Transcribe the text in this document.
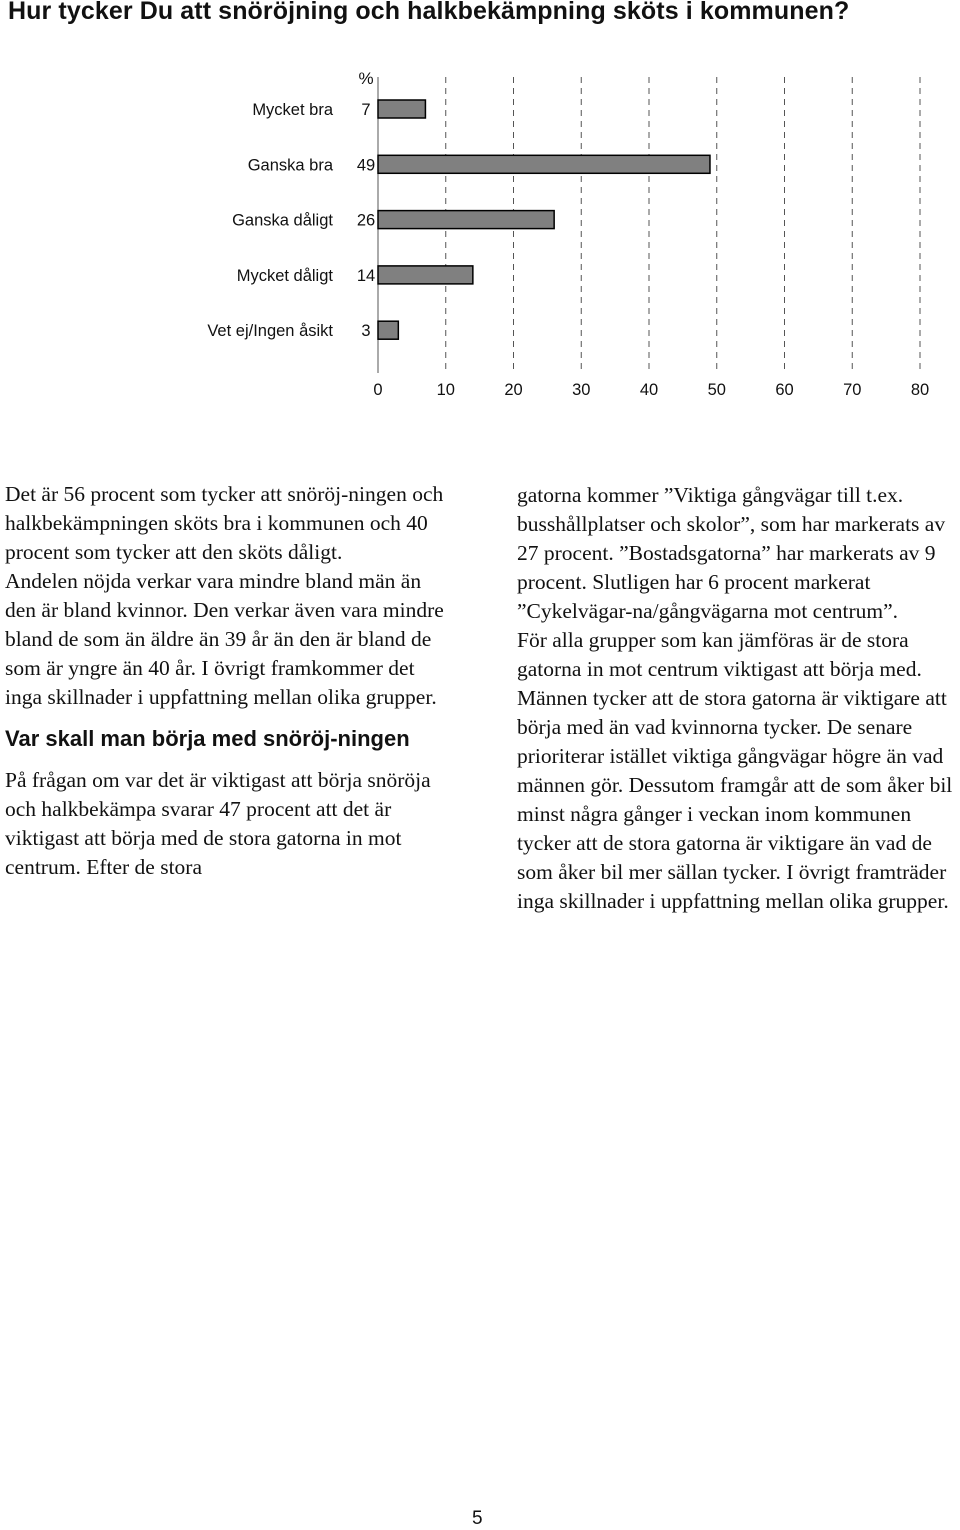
Hur tycker Du att snöröjning och halkbekämpning sköts i kommunen?
%
Mycket bra 7
Ganska bra 49
Ganska dåligt 26
Mycket dåligt 14
Vet ej/Ingen åsikt 3
0	10	20	30	40	50	60	70	80

Det är 56 procent som tycker att snöröj-ningen och halkbekämpningen sköts bra i kommunen och 40 procent som tycker att den sköts dåligt.

Andelen nöjda verkar vara mindre bland män än den är bland kvinnor. Den verkar även vara mindre bland de som än äldre än 39 år än den är bland de som är yngre än 40 år. I övrigt framkommer det inga skillnader i uppfattning mellan olika grupper.

Var skall man börja med snöröj-ningen

På frågan om var det är viktigast att börja snöröja och halkbekämpa svarar 47 procent att det är viktigast att börja med de stora gatorna in mot centrum. Efter de stora

gatorna kommer ”Viktiga gångvägar till t.ex. busshållplatser och skolor”, som har markerats av 27 procent. ”Bostadsgatorna” har markerats av 9 procent. Slutligen har 6 procent markerat ”Cykelvägar-na/gångvägarna mot centrum”.

För alla grupper som kan jämföras är de stora gatorna in mot centrum viktigast att börja med. Männen tycker att de stora gatorna är viktigare att börja med än vad kvinnorna tycker. De senare prioriterar istället viktiga gångvägar högre än vad männen gör. Dessutom framgår att de som åker bil minst några gånger i veckan inom kommunen tycker att de stora gatorna är viktigare än vad de som åker bil mer sällan tycker. I övrigt framträder inga skillnader i uppfattning mellan olika grupper.

5
